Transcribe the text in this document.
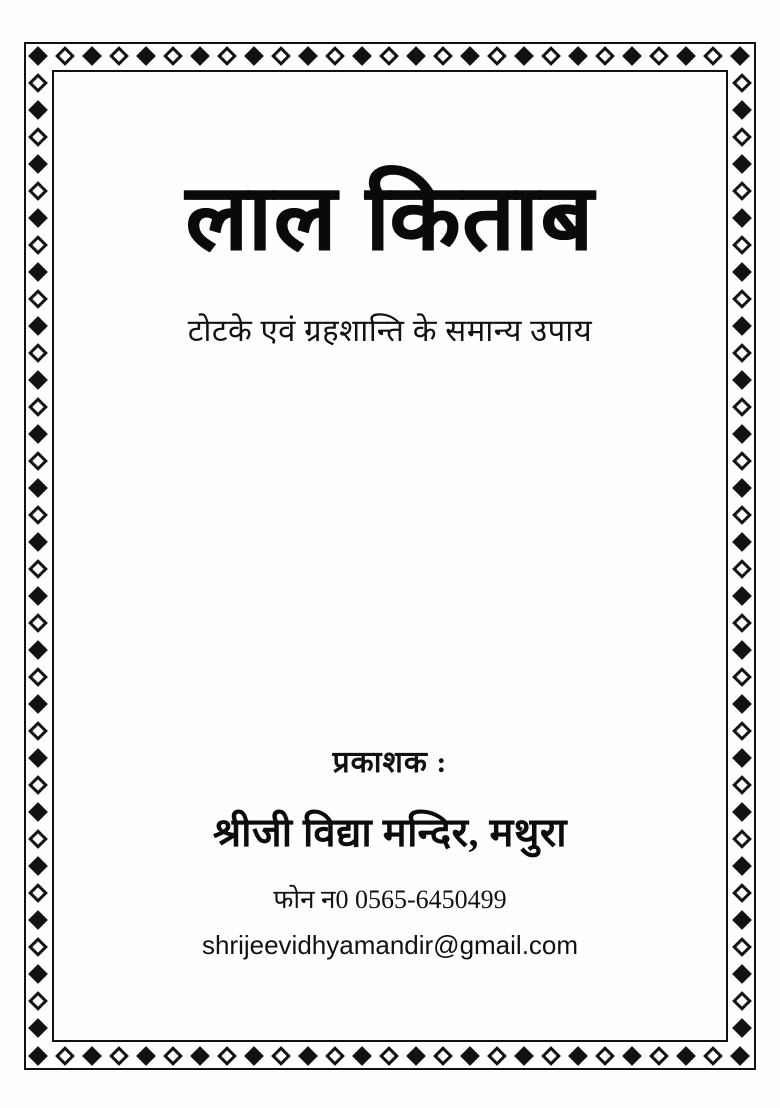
लाल किताब
टोटके एवं ग्रहशान्ति के समान्य उपाय
प्रकाशक :
श्रीजी विद्या मन्दिर, मथुरा
फोन न0 0565-6450499
shrijeevidhyamandir@gmail.com
